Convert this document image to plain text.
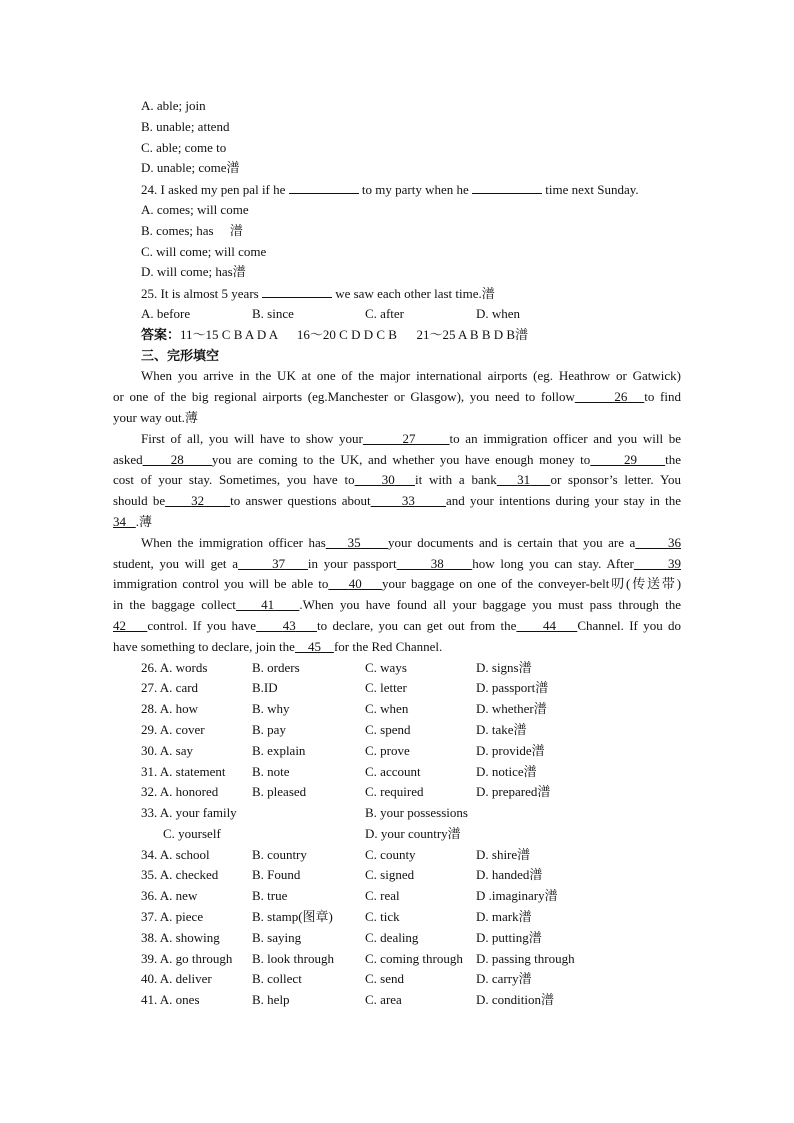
A. able; join
B. unable; attend
C. able; come to
D. unable; come潽
24. I asked my pen pal if he	to my party when he	time next Sunday.
A. comes; will come
B. comes; has 　潽
C. will come; will come
D. will come; has潽
25. It is almost 5 years	we saw each other last time.潽
A. before	B. since	C. after	D. when
答案：11～15 C B A D A 　 16～20 C D D C B 　 21～25 A B B D B潽
三、完形填空
When you arrive in the UK at one of the major international airports (eg. Heathrow or Gatwick)
or one of the big regional airports (eg.Manchester or Glasgow), you need to follow	26 to find
your way out.薄
First of all, you will have to show your	27	to an immigration officer and you will be
asked 28 you are coming to the UK, and whether you have enough money to	29 the
cost of your stay. Sometimes, you have to 30 it with a bank 31 or sponsor’s letter. You
should be 32 to answer questions about 33 and your intentions during your stay in the
34 .薄
When the immigration officer has 35 your documents and is certain that you are a	36
student, you will get a	37 in your passport	38 how long you can stay. After	39
immigration control you will be able to 40 your baggage on one of the conveyer-belt叨(传送带)
in the baggage collect 41 .When you have found all your baggage you must pass through the
42 control. If you have 43 to declare, you can get out from the 44 Channel. If you do
have something to declare, join the 45 for the Red Channel.
26. A. words	B. orders	C. ways	D. signs潽
27. A. card	B.ID	C. letter	D. passport潽
28. A. how	B. why	C. when	D. whether潽
29. A. cover	B. pay	C. spend	D. take潽
30. A. say	B. explain	C. prove	D. provide潽
31. A. statement B. note	C. account	D. notice潽
32. A. honored	B. pleased	C. required	D. prepared潽
33. A. your family	B. your possessions
C. yourself	D. your country潽
34. A. school	B. country	C. county	D. shire潽
35. A. checked	B. Found	C. signed	D. handed潽
36. A. new	B. true	C. real	D .imaginary潽
37. A. piece	B. stamp(图章) C. tick	D. mark潽
38. A. showing B. saying	C. dealing	D. putting潽
39. A. go through B. look through C. coming through D. passing through
40. A. deliver	B. collect	C. send	D. carry潽
41. A. ones	B. help	C. area	D. condition潽
